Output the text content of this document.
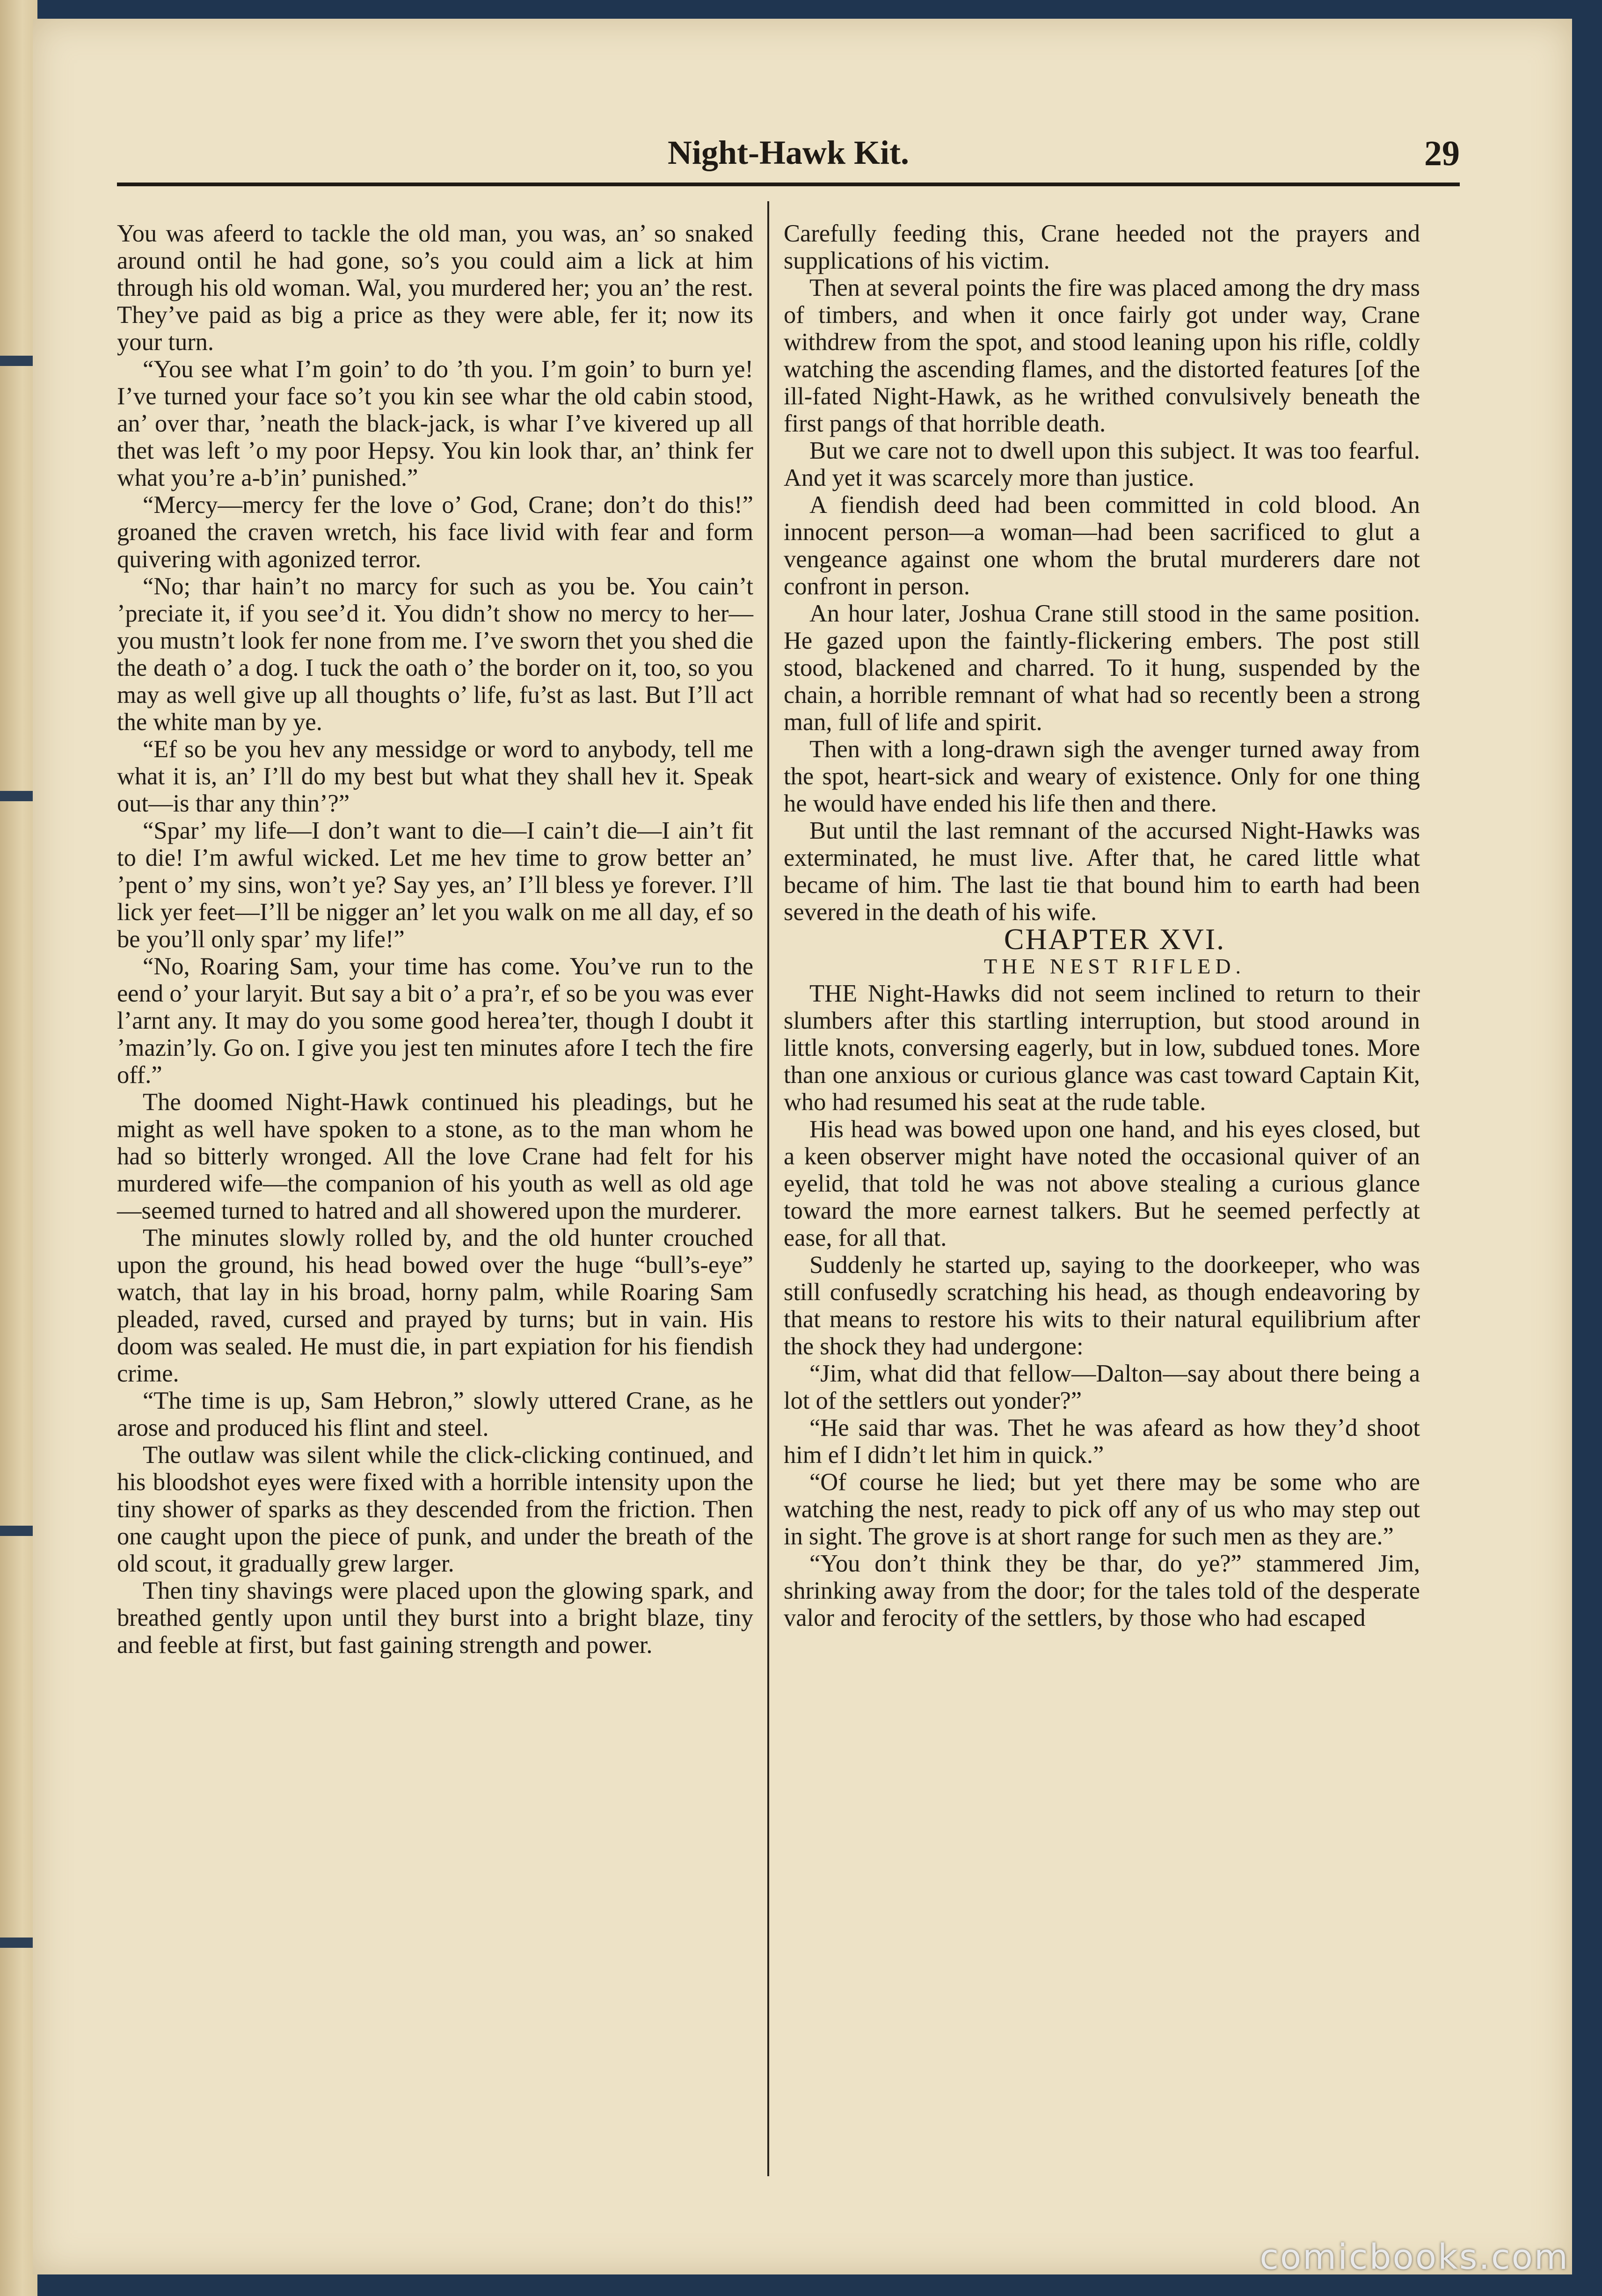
Night-Hawk Kit.	29

You was afeerd to tackle the old man, you was, an’ so snaked around ontil he had gone, so’s you could aim a lick at him through his old woman. Wal, you murdered her; you an’ the rest. They’ve paid as big a price as they were able, fer it; now its your turn.

“You see what I’m goin’ to do ’th you. I’m goin’ to burn ye! I’ve turned your face so’t you kin see whar the old cabin stood, an’ over thar, ’neath the black-jack, is whar I’ve kivered up all thet was left ’o my poor Hepsy. You kin look thar, an’ think fer what you’re a-b’in’ punished.”

“Mercy—mercy fer the love o’ God, Crane; don’t do this!” groaned the craven wretch, his face livid with fear and form quivering with agonized terror.

“No; thar hain’t no marcy for such as you be. You cain’t ’preciate it, if you see’d it. You didn’t show no mercy to her—you mustn’t look fer none from me. I’ve sworn thet you shed die the death o’ a dog. I tuck the oath o’ the border on it, too, so you may as well give up all thoughts o’ life, fu’st as last. But I’ll act the white man by ye.

“Ef so be you hev any messidge or word to anybody, tell me what it is, an’ I’ll do my best but what they shall hev it. Speak out—is thar any thin’?”

“Spar’ my life—I don’t want to die—I cain’t die—I ain’t fit to die! I’m awful wicked. Let me hev time to grow better an’ ’pent o’ my sins, won’t ye? Say yes, an’ I’ll bless ye forever. I’ll lick yer feet—I’ll be nigger an’ let you walk on me all day, ef so be you’ll only spar’ my life!”

“No, Roaring Sam, your time has come. You’ve run to the eend o’ your laryit. But say a bit o’ a pra’r, ef so be you was ever l’arnt any. It may do you some good herea’ter, though I doubt it ’mazin’ly. Go on. I give you jest ten minutes afore I tech the fire off.”

The doomed Night-Hawk continued his pleadings, but he might as well have spoken to a stone, as to the man whom he had so bitterly wronged. All the love Crane had felt for his murdered wife—the companion of his youth as well as old age—seemed turned to hatred and all showered upon the murderer.

The minutes slowly rolled by, and the old hunter crouched upon the ground, his head bowed over the huge “bull’s-eye” watch, that lay in his broad, horny palm, while Roaring Sam pleaded, raved, cursed and prayed by turns; but in vain. His doom was sealed. He must die, in part expiation for his fiendish crime.

“The time is up, Sam Hebron,” slowly uttered Crane, as he arose and produced his flint and steel.

The outlaw was silent while the click-clicking continued, and his bloodshot eyes were fixed with a horrible intensity upon the tiny shower of sparks as they descended from the friction. Then one caught upon the piece of punk, and under the breath of the old scout, it gradually grew larger.

Then tiny shavings were placed upon the glowing spark, and breathed gently upon until they burst into a bright blaze, tiny and feeble at first, but fast gaining strength and power.

Carefully feeding this, Crane heeded not the prayers and supplications of his victim.

Then at several points the fire was placed among the dry mass of timbers, and when it once fairly got under way, Crane withdrew from the spot, and stood leaning upon his rifle, coldly watching the ascending flames, and the distorted features [of the ill-fated Night-Hawk, as he writhed convulsively beneath the first pangs of that horrible death.

But we care not to dwell upon this subject. It was too fearful. And yet it was scarcely more than justice.

A fiendish deed had been committed in cold blood. An innocent person—a woman—had been sacrificed to glut a vengeance against one whom the brutal murderers dare not confront in person.

An hour later, Joshua Crane still stood in the same position. He gazed upon the faintly-flickering embers. The post still stood, blackened and charred. To it hung, suspended by the chain, a horrible remnant of what had so recently been a strong man, full of life and spirit.

Then with a long-drawn sigh the avenger turned away from the spot, heart-sick and weary of existence. Only for one thing he would have ended his life then and there.

But until the last remnant of the accursed Night-Hawks was exterminated, he must live. After that, he cared little what became of him. The last tie that bound him to earth had been severed in the death of his wife.

CHAPTER XVI.

THE NEST RIFLED.

THE Night-Hawks did not seem inclined to return to their slumbers after this startling interruption, but stood around in little knots, conversing eagerly, but in low, subdued tones. More than one anxious or curious glance was cast toward Captain Kit, who had resumed his seat at the rude table.

His head was bowed upon one hand, and his eyes closed, but a keen observer might have noted the occasional quiver of an eyelid, that told he was not above stealing a curious glance toward the more earnest talkers. But he seemed perfectly at ease, for all that.

Suddenly he started up, saying to the doorkeeper, who was still confusedly scratching his head, as though endeavoring by that means to restore his wits to their natural equilibrium after the shock they had undergone:

“Jim, what did that fellow—Dalton—say about there being a lot of the settlers out yonder?”

“He said thar was. Thet he was afeard as how they’d shoot him ef I didn’t let him in quick.”

“Of course he lied; but yet there may be some who are watching the nest, ready to pick off any of us who may step out in sight. The grove is at short range for such men as they are.”

“You don’t think they be thar, do ye?” stammered Jim, shrinking away from the door; for the tales told of the desperate valor and ferocity of the settlers, by those who had escaped

comicbooks.com
